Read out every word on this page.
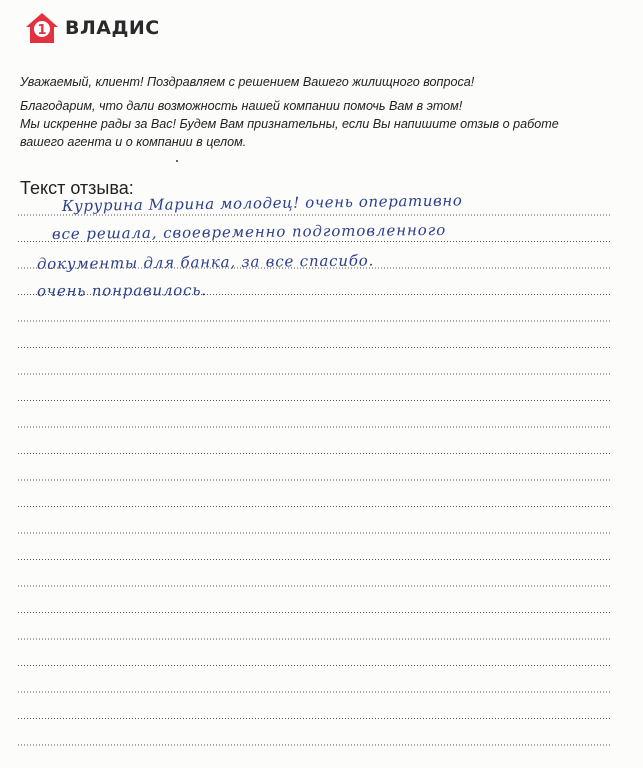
1 ВЛАДИС

Уважаемый, клиент! Поздравляем с решением Вашего жилищного вопроса!

Благодарим, что дали возможность нашей компании помочь Вам в этом!
Мы искренне рады за Вас! Будем Вам признательны, если Вы напишите отзыв о работе
вашего агента и о компании в целом.

Текст отзыва:
Курурина Марина молодец! очень оперативно
все решала, своевременно подготовленного
документы для банка, за все спасибо.
очень понравилось.
